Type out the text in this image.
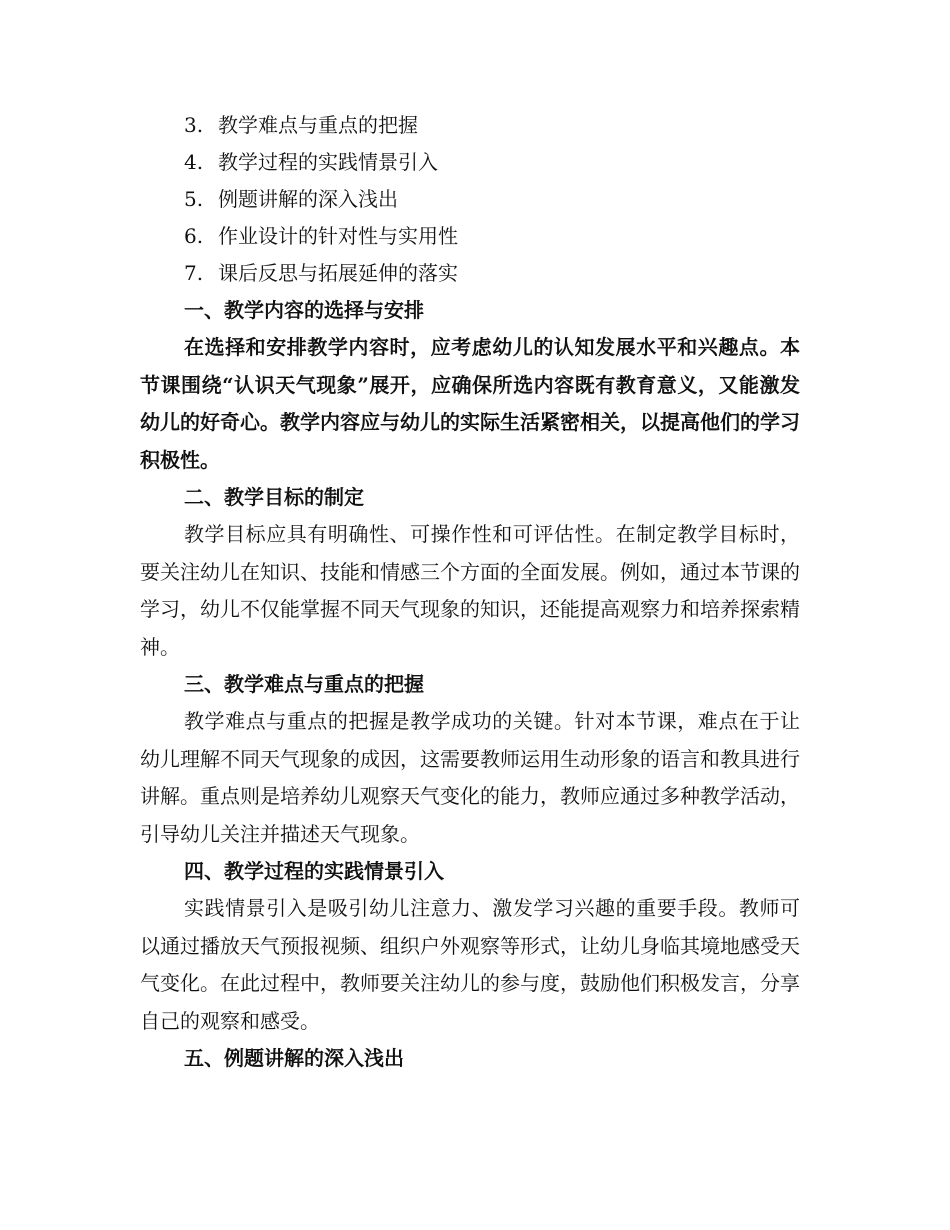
3. 教学难点与重点的把握
4. 教学过程的实践情景引入
5. 例题讲解的深入浅出
6. 作业设计的针对性与实用性
7. 课后反思与拓展延伸的落实
一、教学内容的选择与安排

在选择和安排教学内容时，应考虑幼儿的认知发展水平和兴趣点。本节课围绕“认识天气现象”展开，应确保所选内容既有教育意义，又能激发幼儿的好奇心。教学内容应与幼儿的实际生活紧密相关，以提高他们的学习积极性。

二、教学目标的制定

教学目标应具有明确性、可操作性和可评估性。在制定教学目标时，要关注幼儿在知识、技能和情感三个方面的全面发展。例如，通过本节课的学习，幼儿不仅能掌握不同天气现象的知识，还能提高观察力和培养探索精神。

三、教学难点与重点的把握

教学难点与重点的把握是教学成功的关键。针对本节课，难点在于让幼儿理解不同天气现象的成因，这需要教师运用生动形象的语言和教具进行讲解。重点则是培养幼儿观察天气变化的能力，教师应通过多种教学活动，引导幼儿关注并描述天气现象。

四、教学过程的实践情景引入

实践情景引入是吸引幼儿注意力、激发学习兴趣的重要手段。教师可以通过播放天气预报视频、组织户外观察等形式，让幼儿身临其境地感受天气变化。在此过程中，教师要关注幼儿的参与度，鼓励他们积极发言，分享自己的观察和感受。

五、例题讲解的深入浅出
